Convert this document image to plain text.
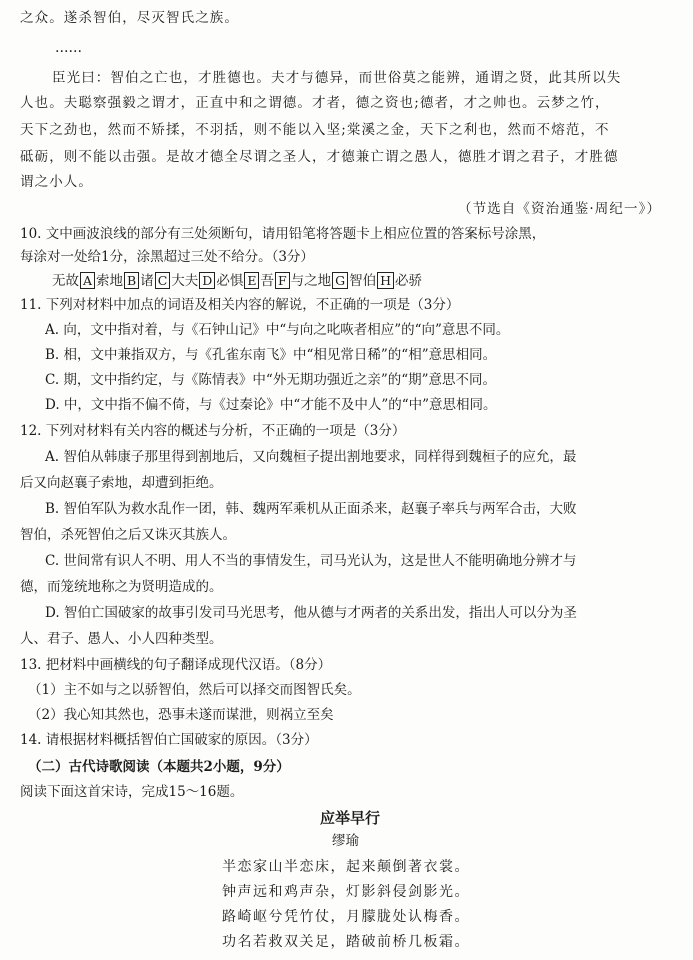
之众。遂杀智伯，尽灭智氏之族。
……
臣光曰：智伯之亡也，才胜德也。夫才与德异，而世俗莫之能辨，通谓之贤，此其所以失
人也。夫聪察强毅之谓才，正直中和之谓德。才者，德之资也;德者，才之帅也。云梦之竹，
天下之劲也，然而不矫揉，不羽括，则不能以入坚;棠溪之金，天下之利也，然而不熔范，不
砥砺，则不能以击强。是故才德全尽谓之圣人，才德兼亡谓之愚人，德胜才谓之君子，才胜德
谓之小人。
（节选自《资治通鉴·周纪一》）
10. 文中画波浪线的部分有三处须断句，请用铅笔将答题卡上相应位置的答案标号涂黑，
每涂对一处给1分，涂黑超过三处不给分。（3分）
无故 A 索地 B 诸 C 大夫 D 必惧 E 吾 F 与之地 G 智伯 H 必骄
11. 下列对材料中加点的词语及相关内容的解说，不正确的一项是（3分）
A. 向，文中指对着，与《石钟山记》中“与向之叱咴者相应”的“向”意思不同。
B. 相，文中兼指双方，与《孔雀东南飞》中“相见常日稀”的“相”意思相同。
C. 期，文中指约定，与《陈情表》中“外无期功强近之亲”的“期”意思不同。
D. 中，文中指不偏不倚，与《过秦论》中“才能不及中人”的“中”意思相同。
12. 下列对材料有关内容的概述与分析，不正确的一项是（3分）
A. 智伯从韩康子那里得到割地后，又向魏桓子提出割地要求，同样得到魏桓子的应允，最
后又向赵襄子索地，却遭到拒绝。
B. 智伯军队为救水乱作一团，韩、魏两军乘机从正面杀来，赵襄子率兵与两军合击，大败
智伯，杀死智伯之后又诛灭其族人。
C. 世间常有识人不明、用人不当的事情发生，司马光认为，这是世人不能明确地分辨才与
德，而笼统地称之为贤明造成的。
D. 智伯亡国破家的故事引发司马光思考，他从德与才两者的关系出发，指出人可以分为圣
人、君子、愚人、小人四种类型。
13. 把材料中画横线的句子翻译成现代汉语。（8分）
（1）主不如与之以骄智伯，然后可以择交而图智氏矣。
（2）我心知其然也，恐事未遂而谋泄，则祸立至矣
14. 请根据材料概括智伯亡国破家的原因。（3分）
（二）古代诗歌阅读（本题共2小题，9分）
阅读下面这首宋诗，完成15～16题。
应举早行
缪瑜
半恋家山半恋床，起来颠倒著衣裳。
钟声远和鸡声杂，灯影斜侵剑影光。
路崎岖兮凭竹仗，月朦胧处认梅香。
功名若救双关足，踏破前桥几板霜。
